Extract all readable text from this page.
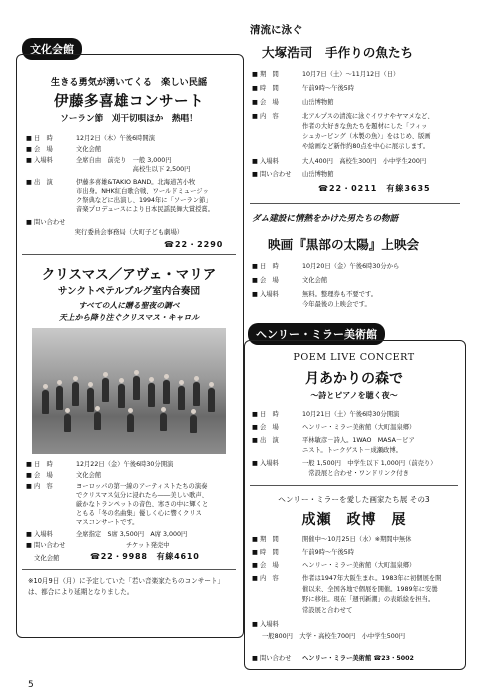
文化会館
生きる勇気が湧いてくる　楽しい民謡
伊藤多喜雄コンサート
ソーラン節　刈干切唄ほか　熱唱！
■ 日　時	12月2日（木）午後6時開演
■ 会　場	文化会館
■ 入場料	全席自由　前売り　一般 3,000円
　　　　　　　　　高校生以下 2,500円
■ 出　演	伊藤多喜雄&TAKIO BAND。北海道苫小牧
市出身。NHK紅白歌合戦、ワールドミュージッ
ク祭典などに出演し、1994年に「ソーラン節」
音楽プロデュースにより日本民謡民舞大賞授賞。
■ 問い合わせ
実行委員会事務局（大町子ども劇場）
☎22・2290
クリスマス／アヴェ・マリア
サンクトペテルブルグ室内合奏団
すべての人に贈る聖夜の調べ
天上から降り注ぐクリスマス・キャロル
■ 日　時	12月22日（金）午後6時30分開演
■ 会　場	文化会館
■ 内　容	ヨーロッパの第一線のアーティストたちの演奏
でクリスマス気分に浸れたら――美しい歌声、
厳かなトランペットの音色、寒さの中に輝くと
ともる「冬の名曲集」優しく心に響くクリス
マスコンサートです。
■ 入場料	全席指定　S席 3,500円　A席 3,000円
■ 問い合わせ	チケット発売中
文化会館	☎22・9988　有線4610
※10月9日（月）に予定していた「若い音楽家たちのコンサート」は、都合により延期となりました。
清流に泳ぐ
大塚浩司　手作りの魚たち
■ 期　間	10月7日（土）～11月12日（日）
■ 時　間	午前9時～午後5時
■ 会　場	山岳博物館
■ 内　容	北アルプスの清流に泳ぐイワナやヤマメなど、
作者の大好きな魚たちを題材にした「フィッ
シュカービング（木製の魚）」をはじめ、版画
や絵画など新作約80点を中心に展示します。
■ 入場料	大人400円　高校生300円　小中学生200円
■ 問い合わせ	山岳博物館
☎22・0211　有線3635
ダム建設に情熱をかけた男たちの物語
映画『黒部の太陽』上映会
■ 日　時	10月20日（金）午後6時30分から
■ 会　場	文化会館
■ 入場料	無料。整理券も不要です。
今年最後の上映会です。
ヘンリー・ミラー美術館
POEM LIVE CONCERT
月あかりの森で
～詩とピアノを聴く夜～
■ 日　時	10月21日（土）午後6時30分開演
■ 会　場	ヘンリー・ミラー美術館（大町温泉郷）
■ 出　演	平林敏彦－詩人。1WAO　MASA－ピア
ニスト。トークゲスト－成瀬政博。
■ 入場料	一般 1,500円　中学生以下 1,000円（前売り）
　常設展と合わせ・ワンドリンク付き
ヘンリー・ミラーを愛した画家たち展 その3
成瀬　政博　展
■ 期　間	開催中～10月25日（水）※期間中無休
■ 時　間	午前9時～午後5時
■ 会　場	ヘンリー・ミラー美術館（大町温泉郷）
■ 内　容	作者は1947年大阪生まれ。1983年に初個展を開
催以来、全国各地で個展を開催。1989年に安曇
野に移住。現在「週刊新潮」の表紙絵を担当。
常設展と合わせて
■ 入場料
一般800円　大学・高校生700円　小中学生500円
■ 問い合わせ	ヘンリー・ミラー美術館 ☎23・5002
5
